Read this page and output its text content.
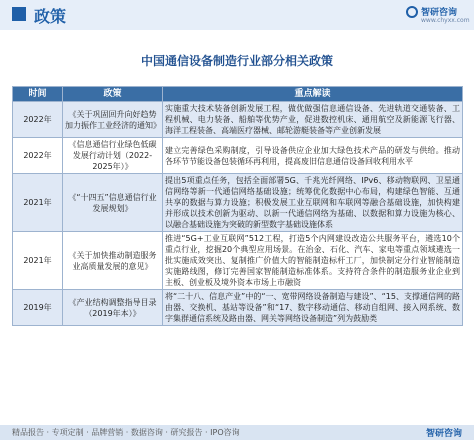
政策	智研咨询
www.chyxx.com
中国通信设备制造行业部分相关政策
时间	政策	重点解读
2022年	《关于巩固回升向好趋势加力振作工业经济的通知》	实施重大技术装备创新发展工程，做优做强信息通信设备、先进轨道交通装备、工程机械、电力装备、船舶等优势产业，促进数控机床、通用航空及新能源飞行器、海洋工程装备、高端医疗器械、邮轮游艇装备等产业创新发展
2022年	《信息通信行业绿色低碳发展行动计划（2022-2025年）》	建立完善绿色采购制度，引导设备供应企业加大绿色技术产品的研发与供给。推动各环节节能设备包装循环再利用，提高废旧信息通信设备回收利用水平
2021年	《“十四五”信息通信行业发展规划》	提出5项重点任务，包括全面部署5G、千兆光纤网络、IPv6、移动物联网、卫星通信网络等新一代通信网络基础设施；统筹优化数据中心布局，构建绿色智能、互通共享的数据与算力设施；积极发展工业互联网和车联网等融合基础设施，加快构建并形成以技术创新为驱动、以新一代通信网络为基础、以数据和算力设施为核心、以融合基础设施为突破的新型数字基础设施体系
2021年	《关于加快推动制造服务业高质量发展的意见》	推进“5G+工业互联网”512工程，打造5个内网建设改造公共服务平台，遴选10个重点行业，挖掘20个典型应用场景。在治金、石化、汽车、家电等重点领域遴选一批实施成效突出、复制推广价值大的智能制造标杆工厂，加快制定分行业智能制造实施路线图，修订完善国家智能制造标准体系。支持符合条件的制造服务业企业到主板、创业板及境外资本市场上市融资
2019年	《产业结构调整指导目录（2019年本）》	将“二十八、信息产业”中的“一、宽带网络设备制造与建设”、“15、支撑通信网的路由器、交换机、基站等设备”和“17、数字移动通信、移动自组网、接入网系统、数字集群通信系统及路由器、网关等网络设备制造”列为鼓励类
精品报告 · 专项定制 · 品牌营销 · 数据咨询 · 研究报告 · IPO咨询	智研咨询
